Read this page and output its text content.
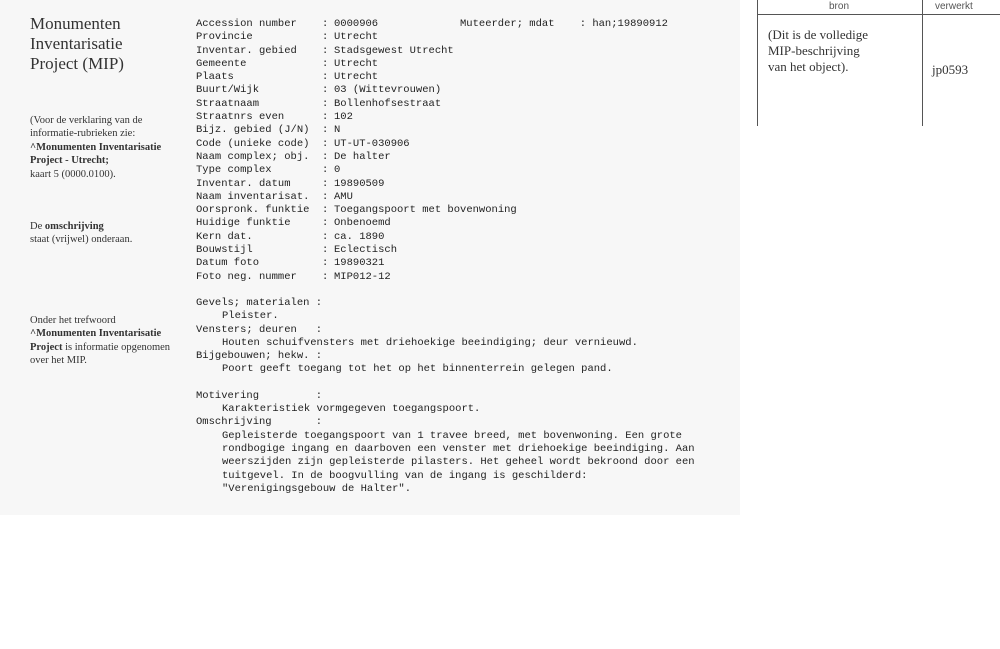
Monumenten
Inventarisatie
Project (MIP)
(Voor de verklaring van de informatie-rubrieken zie:
^Monumenten Inventarisatie Project - Utrecht;
kaart 5 (0000.0100).
De omschrijving
staat (vrijwel) onderaan.
Onder het trefwoord
^Monumenten Inventarisatie Project is informatie opgenomen over het MIP.
Accession number : 0000906	Muteerder; mdat    : han;19890912
Provincie	: Utrecht
Inventar. gebied : Stadsgewest Utrecht
Gemeente	: Utrecht
Plaats	: Utrecht
Buurt/Wijk	: 03 (Wittevrouwen)
Straatnaam	: Bollenhofsestraat
Straatnrs even	: 102
Bijz. gebied (J/N) : N
Code (unieke code) : UT-UT-030906
Naam complex; obj. : De halter
Type complex	: 0
Inventar. datum	: 19890509
Naam inventarisat. : AMU
Oorspronk. funktie : Toegangspoort met bovenwoning
Huidige funktie	: Onbenoemd
Kern dat.	: ca. 1890
Bouwstijl	: Eclectisch
Datum foto	: 19890321
Foto neg. nummer : MIP012-12
Gevels; materialen :
Pleister.
Vensters; deuren   :
Houten schuifvensters met driehoekige beeindiging; deur vernieuwd.
Bijgebouwen; hekw. :
Poort geeft toegang tot het op het binnenterrein gelegen pand.
Motivering         :
Karakteristiek vormgegeven toegangspoort.
Omschrijving       :
Gepleisterde toegangspoort van 1 travee breed, met bovenwoning. Een grote
rondbogige ingang en daarboven een venster met driehoekige beeindiging. Aan
weerszijden zijn gepleisterde pilasters. Het geheel wordt bekroond door een
tuitgevel. In de boogvulling van de ingang is geschilderd:
"Verenigingsgebouw de Halter".
bron	verwerkt
(Dit is de volledige
MIP-beschrijving
van het object).	jp0593
